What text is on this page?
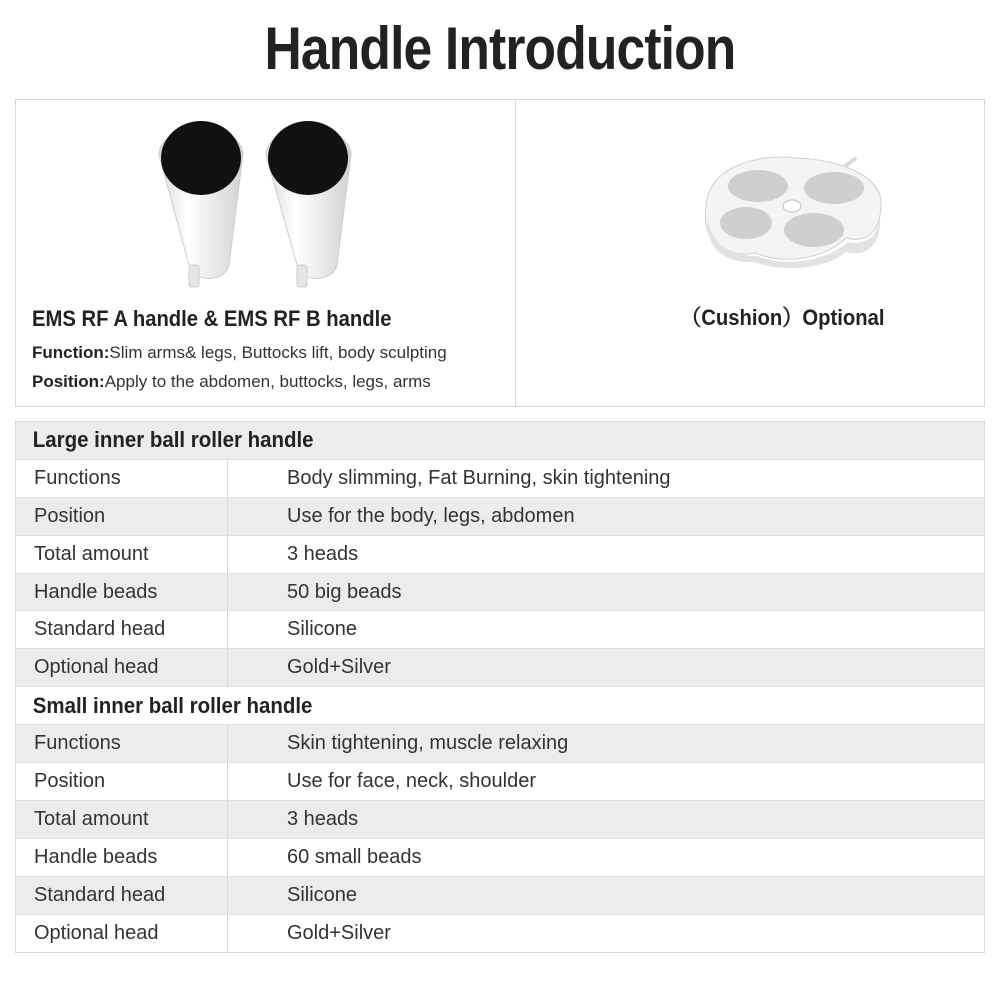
Handle Introduction
EMS RF A handle & EMS RF B handle
Function:Slim arms& legs, Buttocks lift, body sculpting
Position:Apply to the abdomen, buttocks, legs, arms
（Cushion）Optional
Large inner ball roller handle
Functions	Body slimming, Fat Burning, skin tightening
Position	Use for the body, legs, abdomen
Total amount	3 heads
Handle beads	50 big beads
Standard head	Silicone
Optional head	Gold+Silver
Small inner ball roller handle
Functions	Skin tightening, muscle relaxing
Position	Use for face, neck, shoulder
Total amount	3 heads
Handle beads	60 small beads
Standard head	Silicone
Optional head	Gold+Silver
